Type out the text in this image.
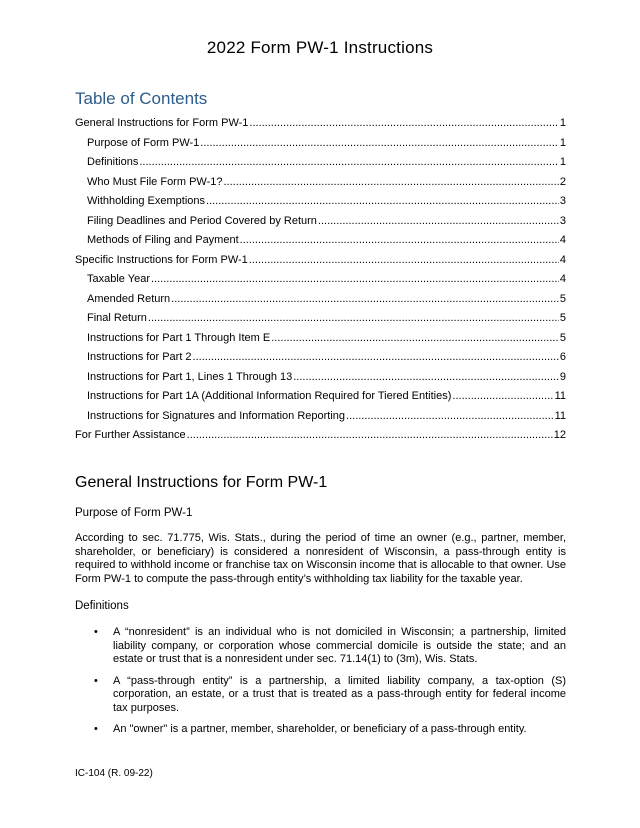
2022 Form PW-1 Instructions
Table of Contents
General Instructions for Form PW-1 .....	1
Purpose of Form PW-1 .....	1
Definitions .....	1
Who Must File Form PW-1? .....	2
Withholding Exemptions .....	3
Filing Deadlines and Period Covered by Return .....	3
Methods of Filing and Payment .....	4
Specific Instructions for Form PW-1 .....	4
Taxable Year .....	4
Amended Return .....	5
Final Return .....	5
Instructions for Part 1 Through Item E .....	5
Instructions for Part 2 .....	6
Instructions for Part 1, Lines 1 Through 13 .....	9
Instructions for Part 1A (Additional Information Required for Tiered Entities) .....	11
Instructions for Signatures and Information Reporting .....	11
For Further Assistance .....	12
General Instructions for Form PW-1
Purpose of Form PW-1
According to sec. 71.775, Wis. Stats., during the period of time an owner (e.g., partner, member, shareholder, or beneficiary) is considered a nonresident of Wisconsin, a pass-through entity is required to withhold income or franchise tax on Wisconsin income that is allocable to that owner. Use Form PW-1 to compute the pass-through entity’s withholding tax liability for the taxable year.
Definitions
• A “nonresident” is an individual who is not domiciled in Wisconsin; a partnership, limited liability company, or corporation whose commercial domicile is outside the state; and an estate or trust that is a nonresident under sec. 71.14(1) to (3m), Wis. Stats.
• A “pass-through entity” is a partnership, a limited liability company, a tax-option (S) corporation, an estate, or a trust that is treated as a pass-through entity for federal income tax purposes.
• An "owner" is a partner, member, shareholder, or beneficiary of a pass-through entity.
IC-104 (R. 09-22)
